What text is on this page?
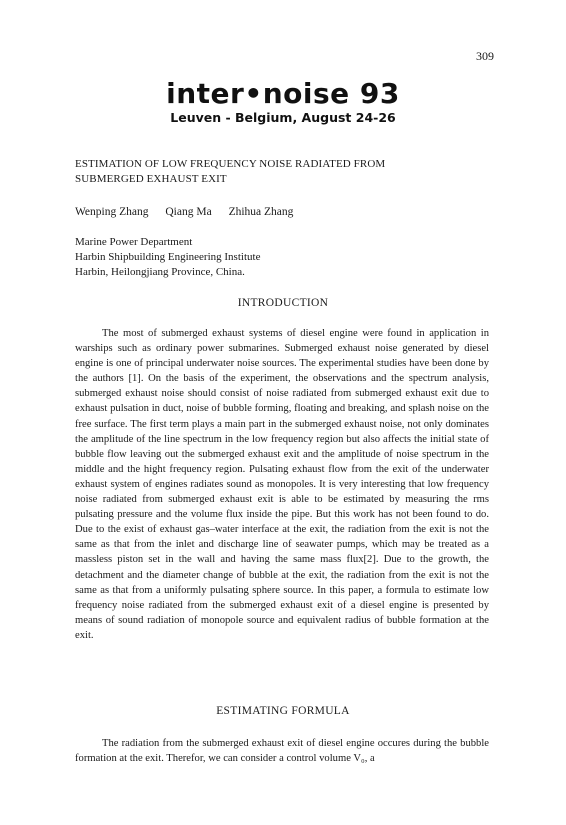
309
inter•noise 93
Leuven - Belgium, August 24-26
ESTIMATION OF LOW FREQUENCY NOISE RADIATED FROM
SUBMERGED EXHAUST EXIT
Wenping Zhang Qiang Ma Zhihua Zhang
Marine Power Department
Harbin Shipbuilding Engineering Institute
Harbin, Heilongjiang Province, China.
INTRODUCTION

The most of submerged exhaust systems of diesel engine were found in application in warships such as ordinary power submarines. Submerged exhaust noise generated by diesel engine is one of principal underwater noise sources. The experimental studies have been done by the authors [1]. On the basis of the experiment, the observations and the spectrum analysis, submerged exhaust noise should consist of noise radiated from submerged exhaust exit due to exhaust pulsation in duct, noise of bubble forming, floating and breaking, and splash noise on the free surface. The first term plays a main part in the submerged exhaust noise, not only dominates the amplitude of the line spectrum in the low frequency region but also affects the initial state of bubble flow leaving out the submerged exhaust exit and the amplitude of noise spectrum in the middle and the hight frequency region. Pulsating exhaust flow from the exit of the underwater exhaust system of engines radiates sound as monopoles. It is very interesting that low frequency noise radiated from submerged exhaust exit is able to be estimated by measuring the rms pulsating pressure and the volume flux inside the pipe. But this work has not been found to do. Due to the exist of exhaust gas–water interface at the exit, the radiation from the exit is not the same as that from the inlet and discharge line of seawater pumps, which may be treated as a massless piston set in the wall and having the same mass flux[2]. Due to the growth, the detachment and the diameter change of bubble at the exit, the radiation from the exit is not the same as that from a uniformly pulsating sphere source. In this paper, a formula to estimate low frequency noise radiated from the submerged exhaust exit of a diesel engine is presented by means of sound radiation of monopole source and equivalent radius of bubble formation at the exit.

ESTIMATING FORMULA

The radiation from the submerged exhaust exit of diesel engine occures during the bubble formation at the exit. Therefor, we can consider a control volume V₀, a
